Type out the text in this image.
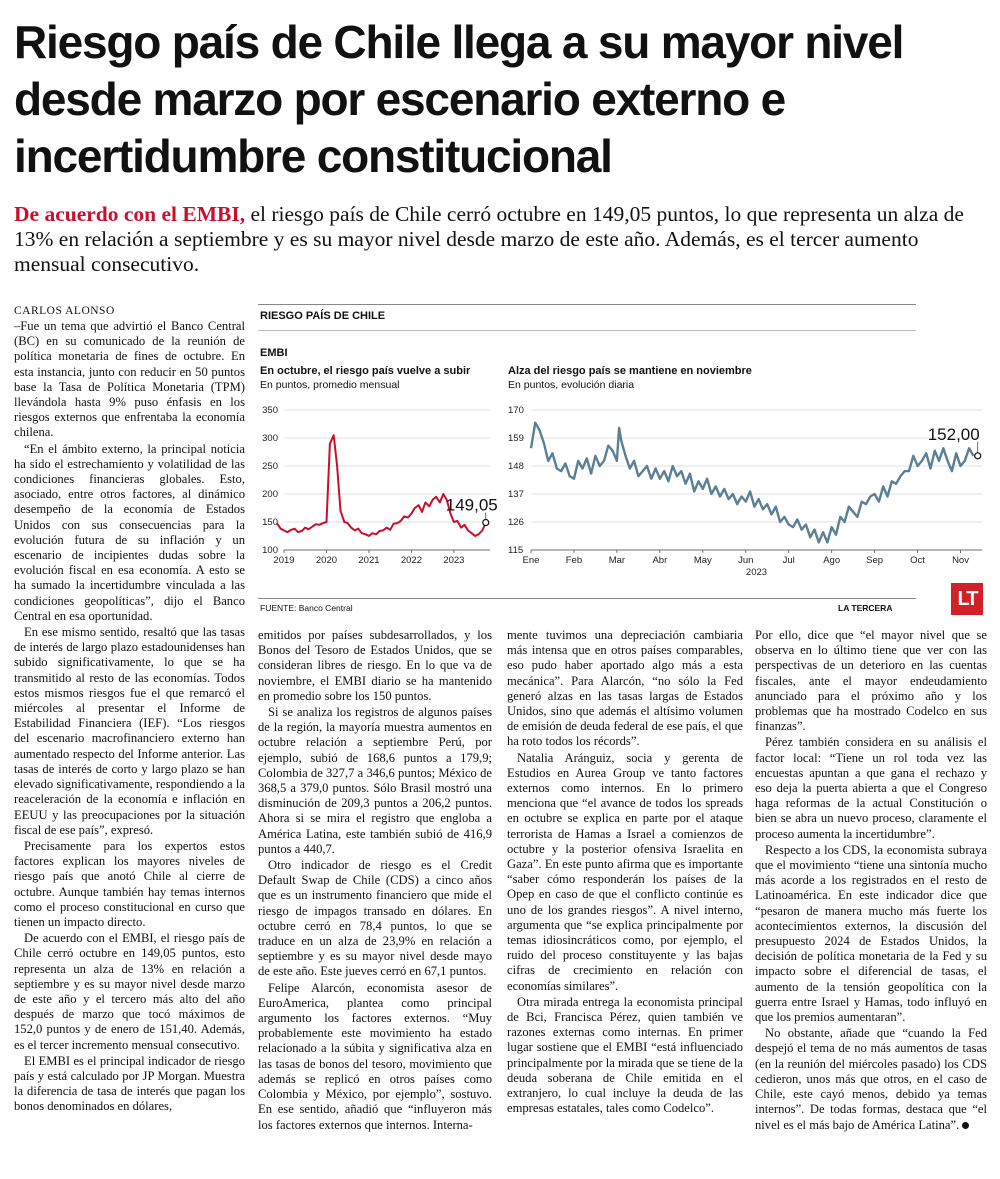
Riesgo país de Chile llega a su mayor nivel desde marzo por escenario externo e incertidumbre constitucional

De acuerdo con el EMBI, el riesgo país de Chile cerró octubre en 149,05 puntos, lo que representa un alza de 13% en relación a septiembre y es su mayor nivel desde marzo de este año. Además, es el tercer aumento mensual consecutivo.

CARLOS ALONSO

–Fue un tema que advirtió el Banco Central (BC) en su comunicado de la reunión de política monetaria de fines de octubre. En esta instancia, junto con reducir en 50 puntos base la Tasa de Política Monetaria (TPM) llevándola hasta 9% puso énfasis en los riesgos externos que enfrentaba la economía chilena.

“En el ámbito externo, la principal noticia ha sido el estrechamiento y volatilidad de las condiciones financieras globales. Esto, asociado, entre otros factores, al dinámico desempeño de la economía de Estados Unidos con sus consecuencias para la evolución futura de su inflación y un escenario de incipientes dudas sobre la evolución fiscal en esa economía. A esto se ha sumado la incertidumbre vinculada a las condiciones geopolíticas”, dijo el Banco Central en esa oportunidad.

En ese mismo sentido, resaltó que las tasas de interés de largo plazo estadounidenses han subido significativamente, lo que se ha transmitido al resto de las economías. Todos estos mismos riesgos fue el que remarcó el miércoles al presentar el Informe de Estabilidad Financiera (IEF). “Los riesgos del escenario macrofinanciero externo han aumentado respecto del Informe anterior. Las tasas de interés de corto y largo plazo se han elevado significativamente, respondiendo a la reaceleración de la economía e inflación en EEUU y las preocupaciones por la situación fiscal de ese país”, expresó.

Precisamente para los expertos estos factores explican los mayores niveles de riesgo país que anotó Chile al cierre de octubre. Aunque también hay temas internos como el proceso constitucional en curso que tienen un impacto directo.

De acuerdo con el EMBI, el riesgo país de Chile cerró octubre en 149,05 puntos, esto representa un alza de 13% en relación a septiembre y es su mayor nivel desde marzo de este año y el tercero más alto del año después de marzo que tocó máximos de 152,0 puntos y de enero de 151,40. Además, es el tercer incremento mensual consecutivo.

El EMBI es el principal indicador de riesgo país y está calculado por JP Morgan. Muestra la diferencia de tasa de interés que pagan los bonos denominados en dólares,

emitidos por países subdesarrollados, y los Bonos del Tesoro de Estados Unidos, que se consideran libres de riesgo. En lo que va de noviembre, el EMBI diario se ha mantenido en promedio sobre los 150 puntos.

Si se analiza los registros de algunos países de la región, la mayoría muestra aumentos en octubre relación a septiembre Perú, por ejemplo, subió de 168,6 puntos a 179,9; Colombia de 327,7 a 346,6 puntos; México de 368,5 a 379,0 puntos. Sólo Brasil mostró una disminución de 209,3 puntos a 206,2 puntos. Ahora si se mira el registro que engloba a América Latina, este también subió de 416,9 puntos a 440,7.

Otro indicador de riesgo es el Credit Default Swap de Chile (CDS) a cinco años que es un instrumento financiero que mide el riesgo de impagos transado en dólares. En octubre cerró en 78,4 puntos, lo que se traduce en un alza de 23,9% en relación a septiembre y es su mayor nivel desde mayo de este año. Este jueves cerró en 67,1 puntos.

Felipe Alarcón, economista asesor de EuroAmerica, plantea como principal argumento los factores externos. “Muy probablemente este movimiento ha estado relacionado a la súbita y significativa alza en las tasas de bonos del tesoro, movimiento que además se replicó en otros países como Colombia y México, por ejemplo”, sostuvo. En ese sentido, añadió que “influyeron más los factores externos que internos. Interna-

mente tuvimos una depreciación cambiaria más intensa que en otros países comparables, eso pudo haber aportado algo más a esta mecánica”. Para Alarcón, “no sólo la Fed generó alzas en las tasas largas de Estados Unidos, sino que además el altísimo volumen de emisión de deuda federal de ese país, el que ha roto todos los récords”.

Natalia Aránguiz, socia y gerenta de Estudios en Aurea Group ve tanto factores externos como internos. En lo primero menciona que “el avance de todos los spreads en octubre se explica en parte por el ataque terrorista de Hamas a Israel a comienzos de octubre y la posterior ofensiva Israelita en Gaza”. En este punto afirma que es importante “saber cómo responderán los países de la Opep en caso de que el conflicto continúe es uno de los grandes riesgos”. A nivel interno, argumenta que “se explica principalmente por temas idiosincráticos como, por ejemplo, el ruido del proceso constituyente y las bajas cifras de crecimiento en relación con economías similares”.

Otra mirada entrega la economista principal de Bci, Francisca Pérez, quien también ve razones externas como internas. En primer lugar sostiene que el EMBI “está influenciado principalmente por la mirada que se tiene de la deuda soberana de Chile emitida en el extranjero, lo cual incluye la deuda de las empresas estatales, tales como Codelco”.

Por ello, dice que “el mayor nivel que se observa en lo último tiene que ver con las perspectivas de un deterioro en las cuentas fiscales, ante el mayor endeudamiento anunciado para el próximo año y los problemas que ha mostrado Codelco en sus finanzas”.

Pérez también considera en su análisis el factor local: “Tiene un rol toda vez las encuestas apuntan a que gana el rechazo y eso deja la puerta abierta a que el Congreso haga reformas de la actual Constitución o bien se abra un nuevo proceso, claramente el proceso aumenta la incertidumbre”.

Respecto a los CDS, la economista subraya que el movimiento “tiene una sintonía mucho más acorde a los registrados en el resto de Latinoamérica. En este indicador dice que “pesaron de manera mucho más fuerte los acontecimientos externos, la discusión del presupuesto 2024 de Estados Unidos, la decisión de política monetaria de la Fed y su impacto sobre el diferencial de tasas, el aumento de la tensión geopolítica con la guerra entre Israel y Hamas, todo influyó en que los premios aumentaran”.

No obstante, añade que “cuando la Fed despejó el tema de no más aumentos de tasas (en la reunión del miércoles pasado) los CDS cedieron, unos más que otros, en el caso de Chile, este cayó menos, debido ya temas internos”. De todas formas, destaca que “el nivel es el más bajo de América Latina”.

RIESGO PAÍS DE CHILE
EMBI
En octubre, el riesgo país vuelve a subir
En puntos, promedio mensual
Alza del riesgo país se mantiene en noviembre
En puntos, evolución diaria
100
150
200
250
300
350
2019 2020 2021 2022 2023
149,05
115
126
137
148
159
170
Ene	Feb	Mar	Abr	May	Jun	Jul	Ago	Sep	Oct	Nov
2023
152,00
FUENTE: Banco Central	LA TERCERA	LT
